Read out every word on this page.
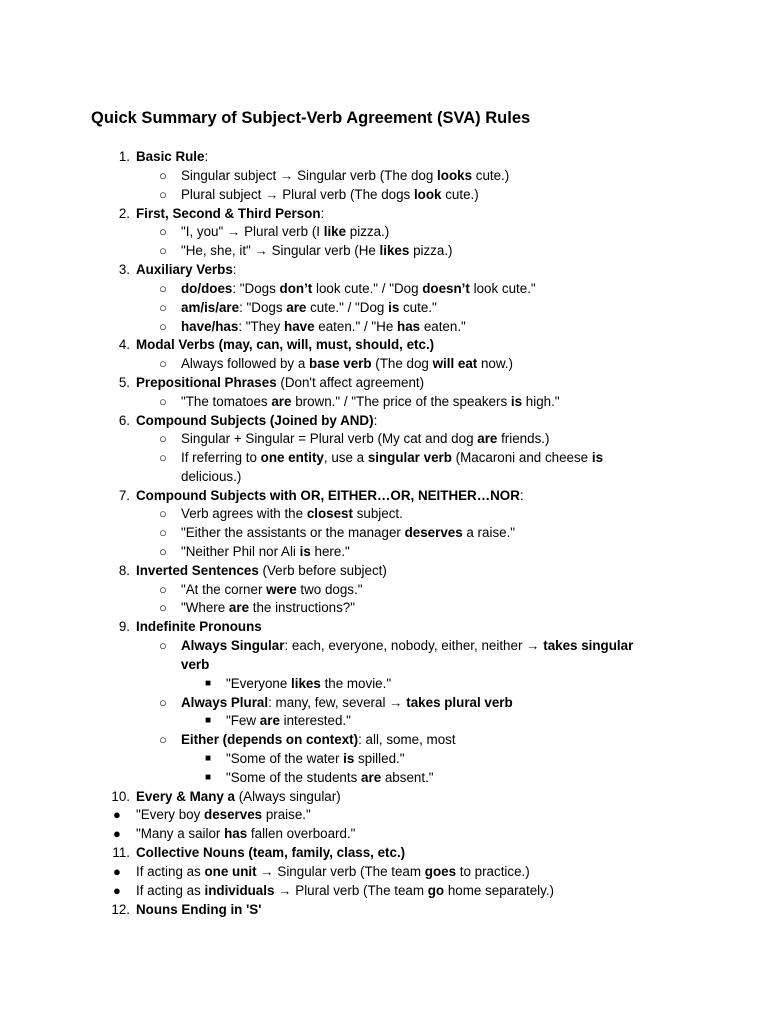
Quick Summary of Subject-Verb Agreement (SVA) Rules
1. Basic Rule:
○ Singular subject → Singular verb (The dog looks cute.)
○ Plural subject → Plural verb (The dogs look cute.)
2. First, Second & Third Person:
○ "I, you" → Plural verb (I like pizza.)
○ "He, she, it" → Singular verb (He likes pizza.)
3. Auxiliary Verbs:
○ do/does: "Dogs don’t look cute." / "Dog doesn’t look cute."
○ am/is/are: "Dogs are cute." / "Dog is cute."
○ have/has: "They have eaten." / "He has eaten."
4. Modal Verbs (may, can, will, must, should, etc.)
○ Always followed by a base verb (The dog will eat now.)
5. Prepositional Phrases (Don't affect agreement)
○ "The tomatoes are brown." / "The price of the speakers is high."
6. Compound Subjects (Joined by AND):
○ Singular + Singular = Plural verb (My cat and dog are friends.)
○ If referring to one entity, use a singular verb (Macaroni and cheese is
delicious.)
7. Compound Subjects with OR, EITHER…OR, NEITHER…NOR:
○ Verb agrees with the closest subject.
○ "Either the assistants or the manager deserves a raise."
○ "Neither Phil nor Ali is here."
8. Inverted Sentences (Verb before subject)
○ "At the corner were two dogs."
○ "Where are the instructions?"
9. Indefinite Pronouns
○ Always Singular: each, everyone, nobody, either, neither → takes singular
verb
■ "Everyone likes the movie."
○ Always Plural: many, few, several → takes plural verb
■ "Few are interested."
○ Either (depends on context): all, some, most
■ "Some of the water is spilled."
■ "Some of the students are absent."
10. Every & Many a (Always singular)
● "Every boy deserves praise."
● "Many a sailor has fallen overboard."
11. Collective Nouns (team, family, class, etc.)
● If acting as one unit → Singular verb (The team goes to practice.)
● If acting as individuals → Plural verb (The team go home separately.)
12. Nouns Ending in 'S'
